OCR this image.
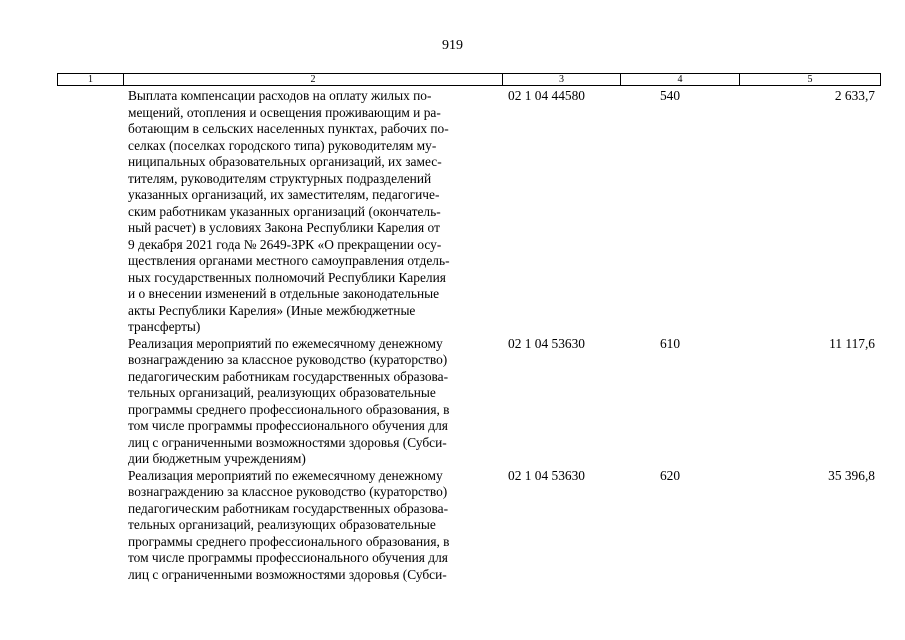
919
1	2	3	4	5
Выплата компенсации расходов на оплату жилых по-
мещений, отопления и освещения проживающим и ра-
ботающим в сельских населенных пунктах, рабочих по-
селках (поселках городского типа) руководителям му-
ниципальных образовательных организаций, их замес-
тителям, руководителям структурных подразделений
указанных организаций, их заместителям, педагогиче-
ским работникам указанных организаций (окончатель-
ный расчет) в условиях Закона Республики Карелия от
9 декабря 2021 года № 2649-ЗРК «О прекращении осу-
ществления органами местного самоуправления отдель-
ных государственных полномочий Республики Карелия
и о внесении изменений в отдельные законодательные
акты Республики Карелия» (Иные межбюджетные
трансферты)
02 1 04 44580	540	2 633,7
Реализация мероприятий по ежемесячному денежному
вознаграждению за классное руководство (кураторство)
педагогическим работникам государственных образова-
тельных организаций, реализующих образовательные
программы среднего профессионального образования, в
том числе программы профессионального обучения для
лиц с ограниченными возможностями здоровья (Субси-
дии бюджетным учреждениям)
02 1 04 53630	610	11 117,6
Реализация мероприятий по ежемесячному денежному
вознаграждению за классное руководство (кураторство)
педагогическим работникам государственных образова-
тельных организаций, реализующих образовательные
программы среднего профессионального образования, в
том числе программы профессионального обучения для
лиц с ограниченными возможностями здоровья (Субси-
02 1 04 53630	620	35 396,8
